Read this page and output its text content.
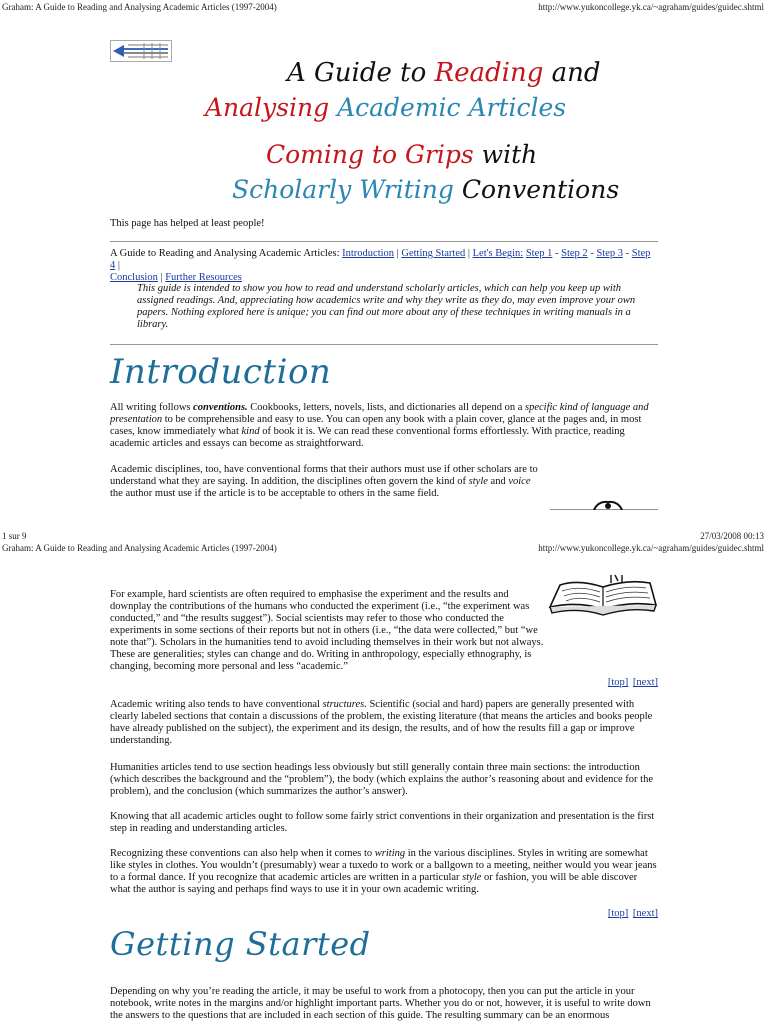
Graham: A Guide to Reading and Analysing Academic Articles (1997-2004)	http://www.yukoncollege.yk.ca/~agraham/guides/guidec.shtml
A Guide to Reading and
Analysing Academic Articles
Coming to Grips with
Scholarly Writing Conventions
This page has helped at least people!
A Guide to Reading and Analysing Academic Articles: Introduction | Getting Started | Let's Begin: Step 1 - Step 2 - Step 3 - Step 4 |
Conclusion | Further Resources
This guide is intended to show you how to read and understand scholarly articles, which can help you keep up with assigned readings. And, appreciating how academics write and why they write as they do, may even improve your own papers. Nothing explored here is unique; you can find out more about any of these techniques in writing manuals in a library.
Introduction
All writing follows conventions. Cookbooks, letters, novels, lists, and dictionaries all depend on a specific kind of language and presentation to be comprehensible and easy to use. You can open any book with a plain cover, glance at the pages and, in most cases, know immediately what kind of book it is. We can read these conventional forms effortlessly. With practice, reading academic articles and essays can become as straightforward.
Academic disciplines, too, have conventional forms that their authors must use if other scholars are to understand what they are saying. In addition, the disciplines often govern the kind of style and voice the author must use if the article is to be acceptable to others in the same field.
1 sur 9	27/03/2008 00:13
Graham: A Guide to Reading and Analysing Academic Articles (1997-2004)	http://www.yukoncollege.yk.ca/~agraham/guides/guidec.shtml
For example, hard scientists are often required to emphasise the experiment and the results and downplay the contributions of the humans who conducted the experiment (i.e., “the experiment was conducted,” and “the results suggest”). Social scientists may refer to those who conducted the experiments in some sections of their reports but not in others (i.e., “the data were collected,” but “we note that”). Scholars in the humanities tend to avoid including themselves in their work but not always. These are generalities; styles can change and do. Writing in anthropology, especially ethnography, is changing, becoming more personal and less “academic.”
[top] [next]
Academic writing also tends to have conventional structures. Scientific (social and hard) papers are generally presented with clearly labeled sections that contain a discussions of the problem, the existing literature (that means the articles and books people have already published on the subject), the experiment and its design, the results, and of how the results fill a gap or improve understanding.
Humanities articles tend to use section headings less obviously but still generally contain three main sections: the introduction (which describes the background and the “problem”), the body (which explains the author’s reasoning about and evidence for the problem), and the conclusion (which summarizes the author’s answer).
Knowing that all academic articles ought to follow some fairly strict conventions in their organization and presentation is the first step in reading and understanding articles.
Recognizing these conventions can also help when it comes to writing in the various disciplines. Styles in writing are somewhat like styles in clothes. You wouldn’t (presumably) wear a tuxedo to work or a ballgown to a meeting, neither would you wear jeans to a formal dance. If you recognize that academic articles are written in a particular style or fashion, you will be able discover what the author is saying and perhaps find ways to use it in your own academic writing.
[top] [next]
Getting Started
Depending on why you’re reading the article, it may be useful to work from a photocopy, then you can put the article in your notebook, write notes in the margins and/or highlight important parts. Whether you do or not, however, it is useful to write down the answers to the questions that are included in each section of this guide. The resulting summary can be an enormous
